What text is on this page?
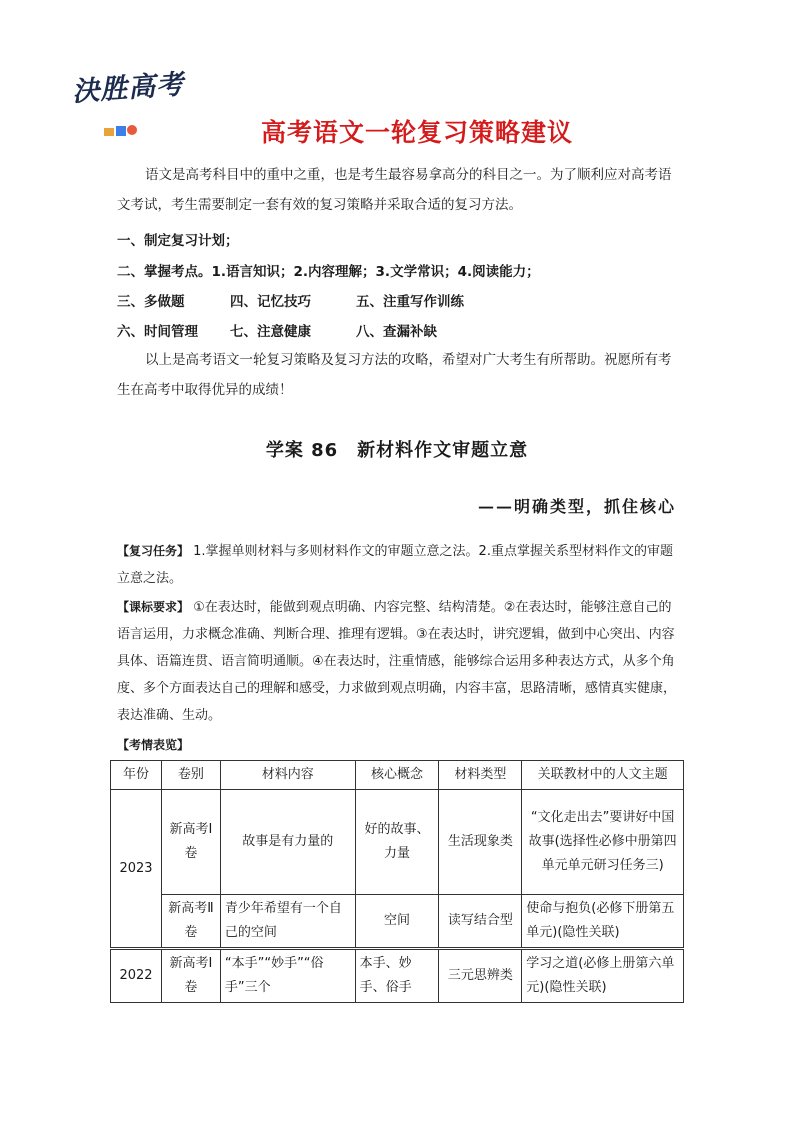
決胜高考
高考语文一轮复习策略建议

语文是高考科目中的重中之重，也是考生最容易拿高分的科目之一。为了顺利应对高考语文考试，考生需要制定一套有效的复习策略并采取合适的复习方法。

一、制定复习计划；

二、掌握考点。1.语言知识；2.内容理解；3.文学常识；4.阅读能力；

三、多做题	四、记忆技巧	五、注重写作训练

六、时间管理 七、注意健康	八、查漏补缺

以上是高考语文一轮复习策略及复习方法的攻略，希望对广大考生有所帮助。祝愿所有考生在高考中取得优异的成绩！

学案 86　新材料作文审题立意
——明确类型，抓住核心

【复习任务】 1.掌握单则材料与多则材料作文的审题立意之法。2.重点掌握关系型材料作文的审题立意之法。

【课标要求】 ①在表达时，能做到观点明确、内容完整、结构清楚。②在表达时，能够注意自己的语言运用，力求概念准确、判断合理、推理有逻辑。③在表达时，讲究逻辑，做到中心突出、内容具体、语篇连贯、语言简明通顺。④在表达时，注重情感，能够综合运用多种表达方式，从多个角度、多个方面表达自己的理解和感受，力求做到观点明确，内容丰富，思路清晰，感情真实健康，表达准确、生动。

【考情表览】
年份	卷别	材料内容	核心概念	材料类型	关联教材中的人文主题
2023	新高考Ⅰ卷	故事是有力量的	好的故事、力量	生活现象类	“文化走出去”要讲好中国故事(选择性必修中册第四单元单元研习任务三)
	新高考Ⅱ卷	青少年希望有一个自己的空间	空间	读写结合型	使命与抱负(必修下册第五单元)(隐性关联)
2022	新高考Ⅰ卷	“本手”“妙手”“俗手”三个	本手、妙手、俗手	三元思辨类	学习之道(必修上册第六单元)(隐性关联)
